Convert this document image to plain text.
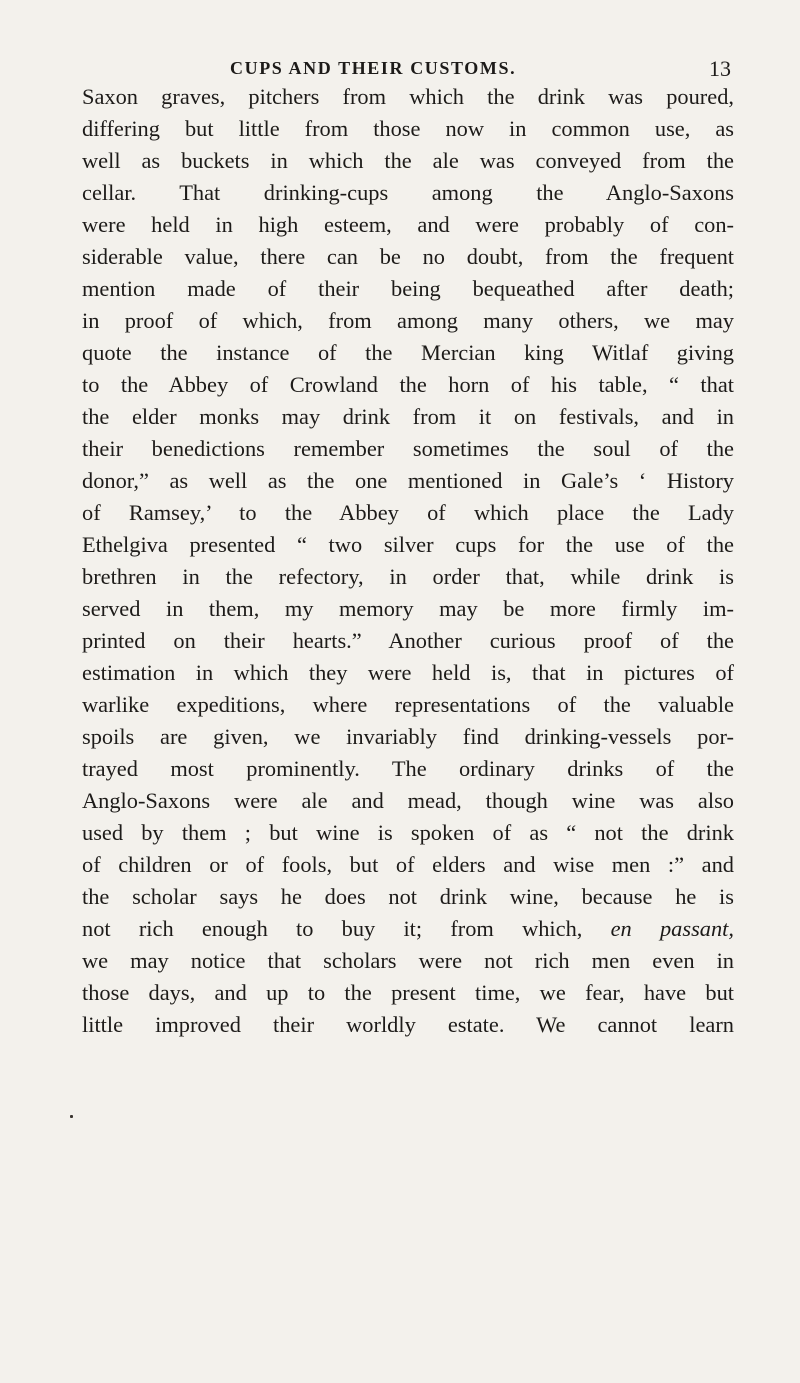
CUPS AND THEIR CUSTOMS.	13
Saxon graves, pitchers from which the drink was poured,
differing but little from those now in common use, as
well as buckets in which the ale was conveyed from the
cellar. That drinking-cups among the Anglo-Saxons
were held in high esteem, and were probably of con-
siderable value, there can be no doubt, from the frequent
mention made of their being bequeathed after death;
in proof of which, from among many others, we may
quote the instance of the Mercian king Witlaf giving
to the Abbey of Crowland the horn of his table, “ that
the elder monks may drink from it on festivals, and in
their benedictions remember sometimes the soul of the
donor,” as well as the one mentioned in Gale’s ‘ History
of Ramsey,’ to the Abbey of which place the Lady
Ethelgiva presented “ two silver cups for the use of the
brethren in the refectory, in order that, while drink is
served in them, my memory may be more firmly im-
printed on their hearts.” Another curious proof of the
estimation in which they were held is, that in pictures of
warlike expeditions, where representations of the valuable
spoils are given, we invariably find drinking-vessels por-
trayed most prominently. The ordinary drinks of the
Anglo-Saxons were ale and mead, though wine was also
used by them ; but wine is spoken of as “ not the drink
of children or of fools, but of elders and wise men :” and
the scholar says he does not drink wine, because he is
not rich enough to buy it; from which, en passant,
we may notice that scholars were not rich men even in
those days, and up to the present time, we fear, have but
little improved their worldly estate. We cannot learn
